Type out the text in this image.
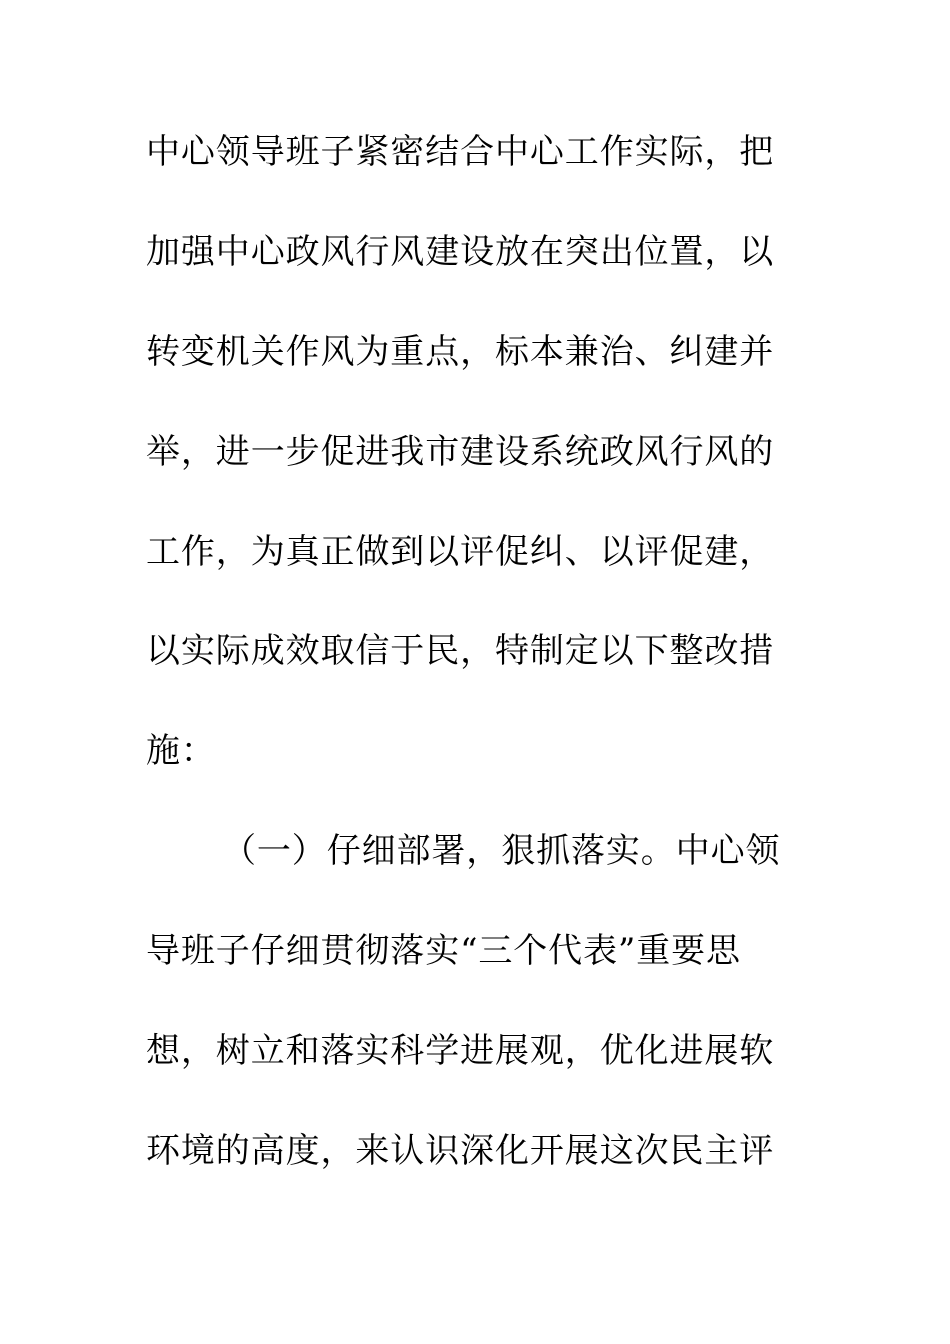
中心领导班子紧密结合中心工作实际，把
加强中心政风行风建设放在突出位置，以
转变机关作风为重点，标本兼治、纠建并
举，进一步促进我市建设系统政风行风的
工作，为真正做到以评促纠、以评促建，
以实际成效取信于民，特制定以下整改措
施：
（一）仔细部署，狠抓落实。中心领
导班子仔细贯彻落实“三个代表”重要思
想，树立和落实科学进展观，优化进展软
环境的高度，来认识深化开展这次民主评
